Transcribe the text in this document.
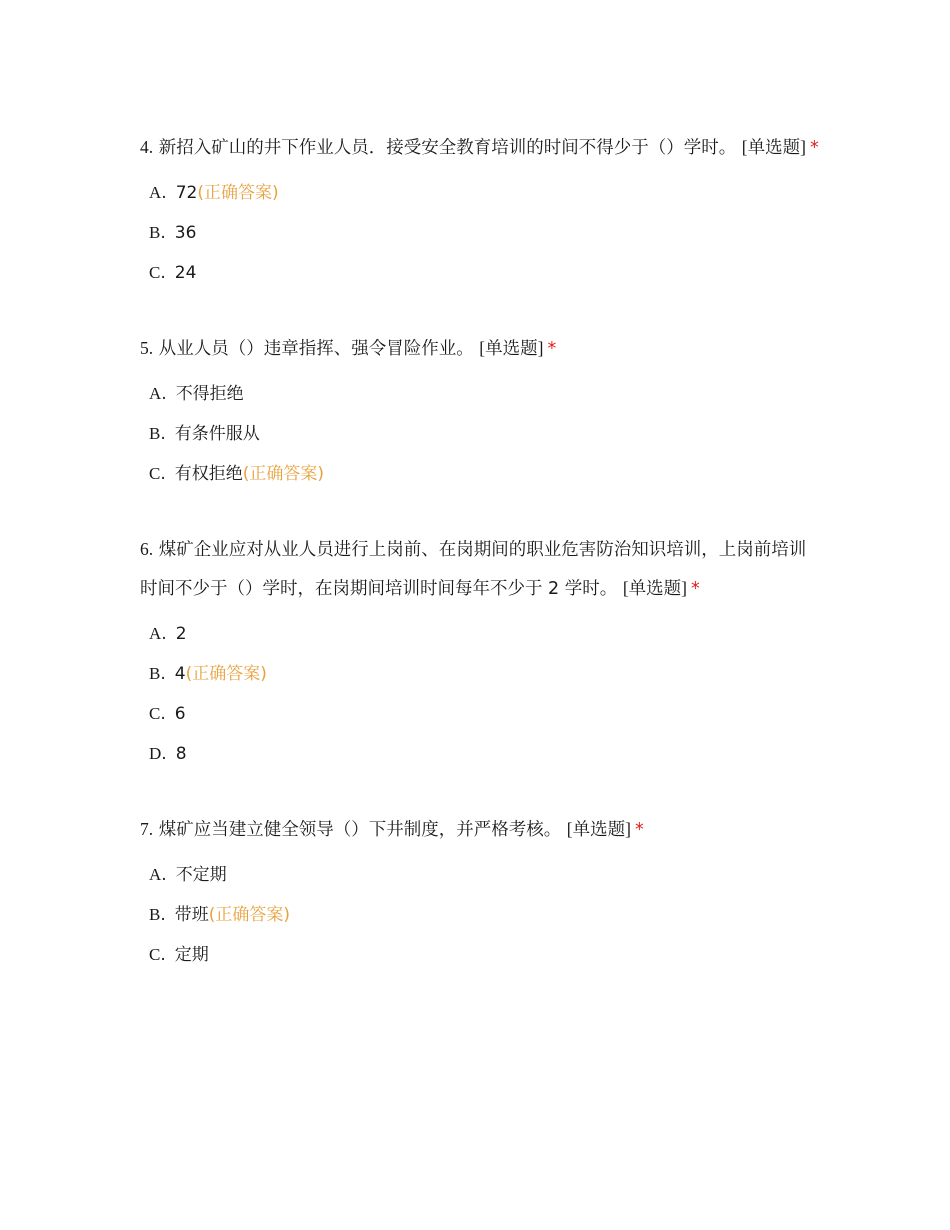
4. 新招入矿山的井下作业人员．接受安全教育培训的时间不得少于（）学时。 [单选题] *

A. 72(正确答案)
B. 36
C. 24

5. 从业人员（）违章指挥、强令冒险作业。 [单选题] *

A. 不得拒绝
B. 有条件服从
C. 有权拒绝(正确答案)

6. 煤矿企业应对从业人员进行上岗前、在岗期间的职业危害防治知识培训，上岗前培训时间不少于（）学时，在岗期间培训时间每年不少于 2 学时。 [单选题] *

A. 2
B. 4(正确答案)
C. 6
D. 8

7. 煤矿应当建立健全领导（）下井制度，并严格考核。 [单选题] *

A. 不定期
B. 带班(正确答案)
C. 定期
